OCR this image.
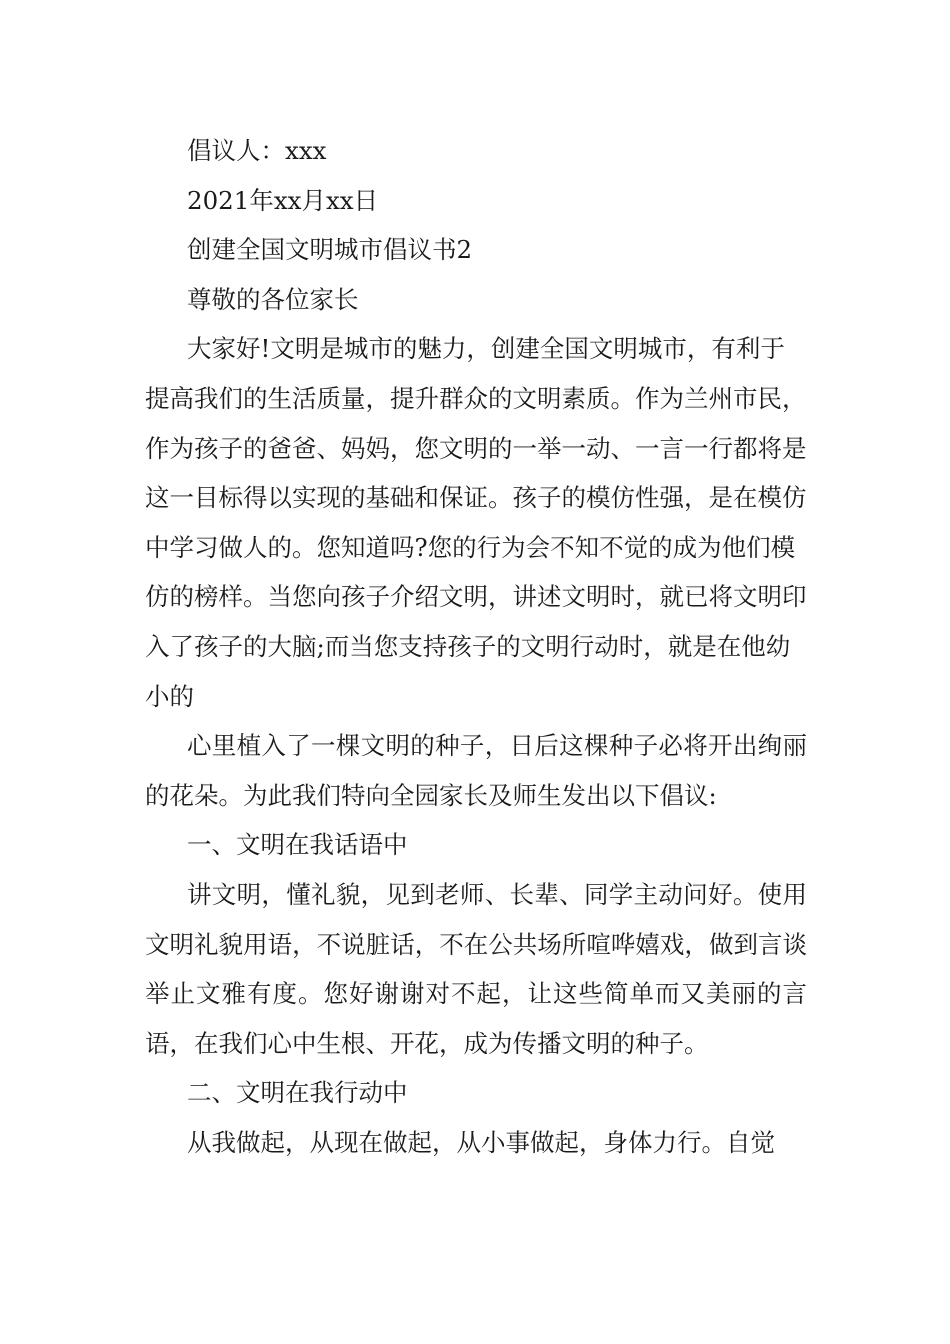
倡议人：xxx

2021年xx月xx日

创建全国文明城市倡议书2

尊敬的各位家长

大家好!文明是城市的魅力，创建全国文明城市，有利于提高我们的生活质量，提升群众的文明素质。作为兰州市民，作为孩子的爸爸、妈妈，您文明的一举一动、一言一行都将是这一目标得以实现的基础和保证。孩子的模仿性强，是在模仿中学习做人的。您知道吗?您的行为会不知不觉的成为他们模仿的榜样。当您向孩子介绍文明，讲述文明时，就已将文明印入了孩子的大脑;而当您支持孩子的文明行动时，就是在他幼小的

心里植入了一棵文明的种子，日后这棵种子必将开出绚丽的花朵。为此我们特向全园家长及师生发出以下倡议:

一、文明在我话语中

讲文明，懂礼貌，见到老师、长辈、同学主动问好。使用文明礼貌用语，不说脏话，不在公共场所喧哗嬉戏，做到言谈举止文雅有度。您好谢谢对不起，让这些简单而又美丽的言语，在我们心中生根、开花，成为传播文明的种子。

二、文明在我行动中

从我做起，从现在做起，从小事做起，身体力行。自觉
